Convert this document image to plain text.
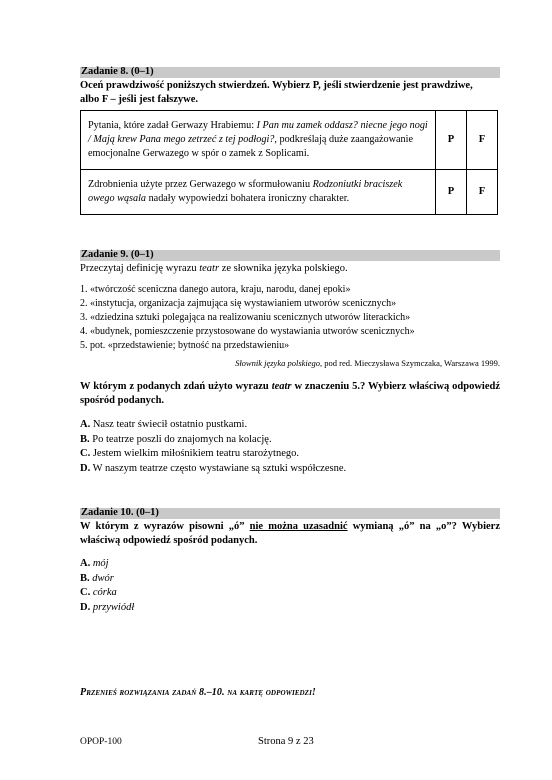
Zadanie 8. (0–1)
Oceń prawdziwość poniższych stwierdzeń. Wybierz P, jeśli stwierdzenie jest prawdziwe,
albo F – jeśli jest fałszywe.
Pytania, które zadał Gerwazy Hrabiemu: I Pan mu zamek oddasz? niecne jego nogi / Mają krew Pana mego zetrzeć z tej podłogi?, podkreślają duże zaangażowanie emocjonalne Gerwazego w spór o zamek z Soplicami.	P	F
Zdrobnienia użyte przez Gerwazego w sformułowaniu Rodzoniutki braciszek owego wąsala nadały wypowiedzi bohatera ironiczny charakter.	P	F
Zadanie 9. (0–1)
Przeczytaj definicję wyrazu teatr ze słownika języka polskiego.
1. «twórczość sceniczna danego autora, kraju, narodu, danej epoki»
2. «instytucja, organizacja zajmująca się wystawianiem utworów scenicznych»
3. «dziedzina sztuki polegająca na realizowaniu scenicznych utworów literackich»
4. «budynek, pomieszczenie przystosowane do wystawiania utworów scenicznych»
5. pot. «przedstawienie; bytność na przedstawieniu»
Słownik języka polskiego, pod red. Mieczysława Szymczaka, Warszawa 1999.
W którym z podanych zdań użyto wyrazu teatr w znaczeniu 5.? Wybierz właściwą odpowiedź spośród podanych.
A. Nasz teatr świecił ostatnio pustkami.
B. Po teatrze poszli do znajomych na kolację.
C. Jestem wielkim miłośnikiem teatru starożytnego.
D. W naszym teatrze często wystawiane są sztuki współczesne.
Zadanie 10. (0–1)
W którym z wyrazów pisowni „ó” nie można uzasadnić wymianą „ó” na „o”? Wybierz właściwą odpowiedź spośród podanych.
A. mój
B. dwór
C. córka
D. przywiódł
Przenieś rozwiązania zadań 8.–10. na kartę odpowiedzi!
OPOP-100	Strona 9 z 23
